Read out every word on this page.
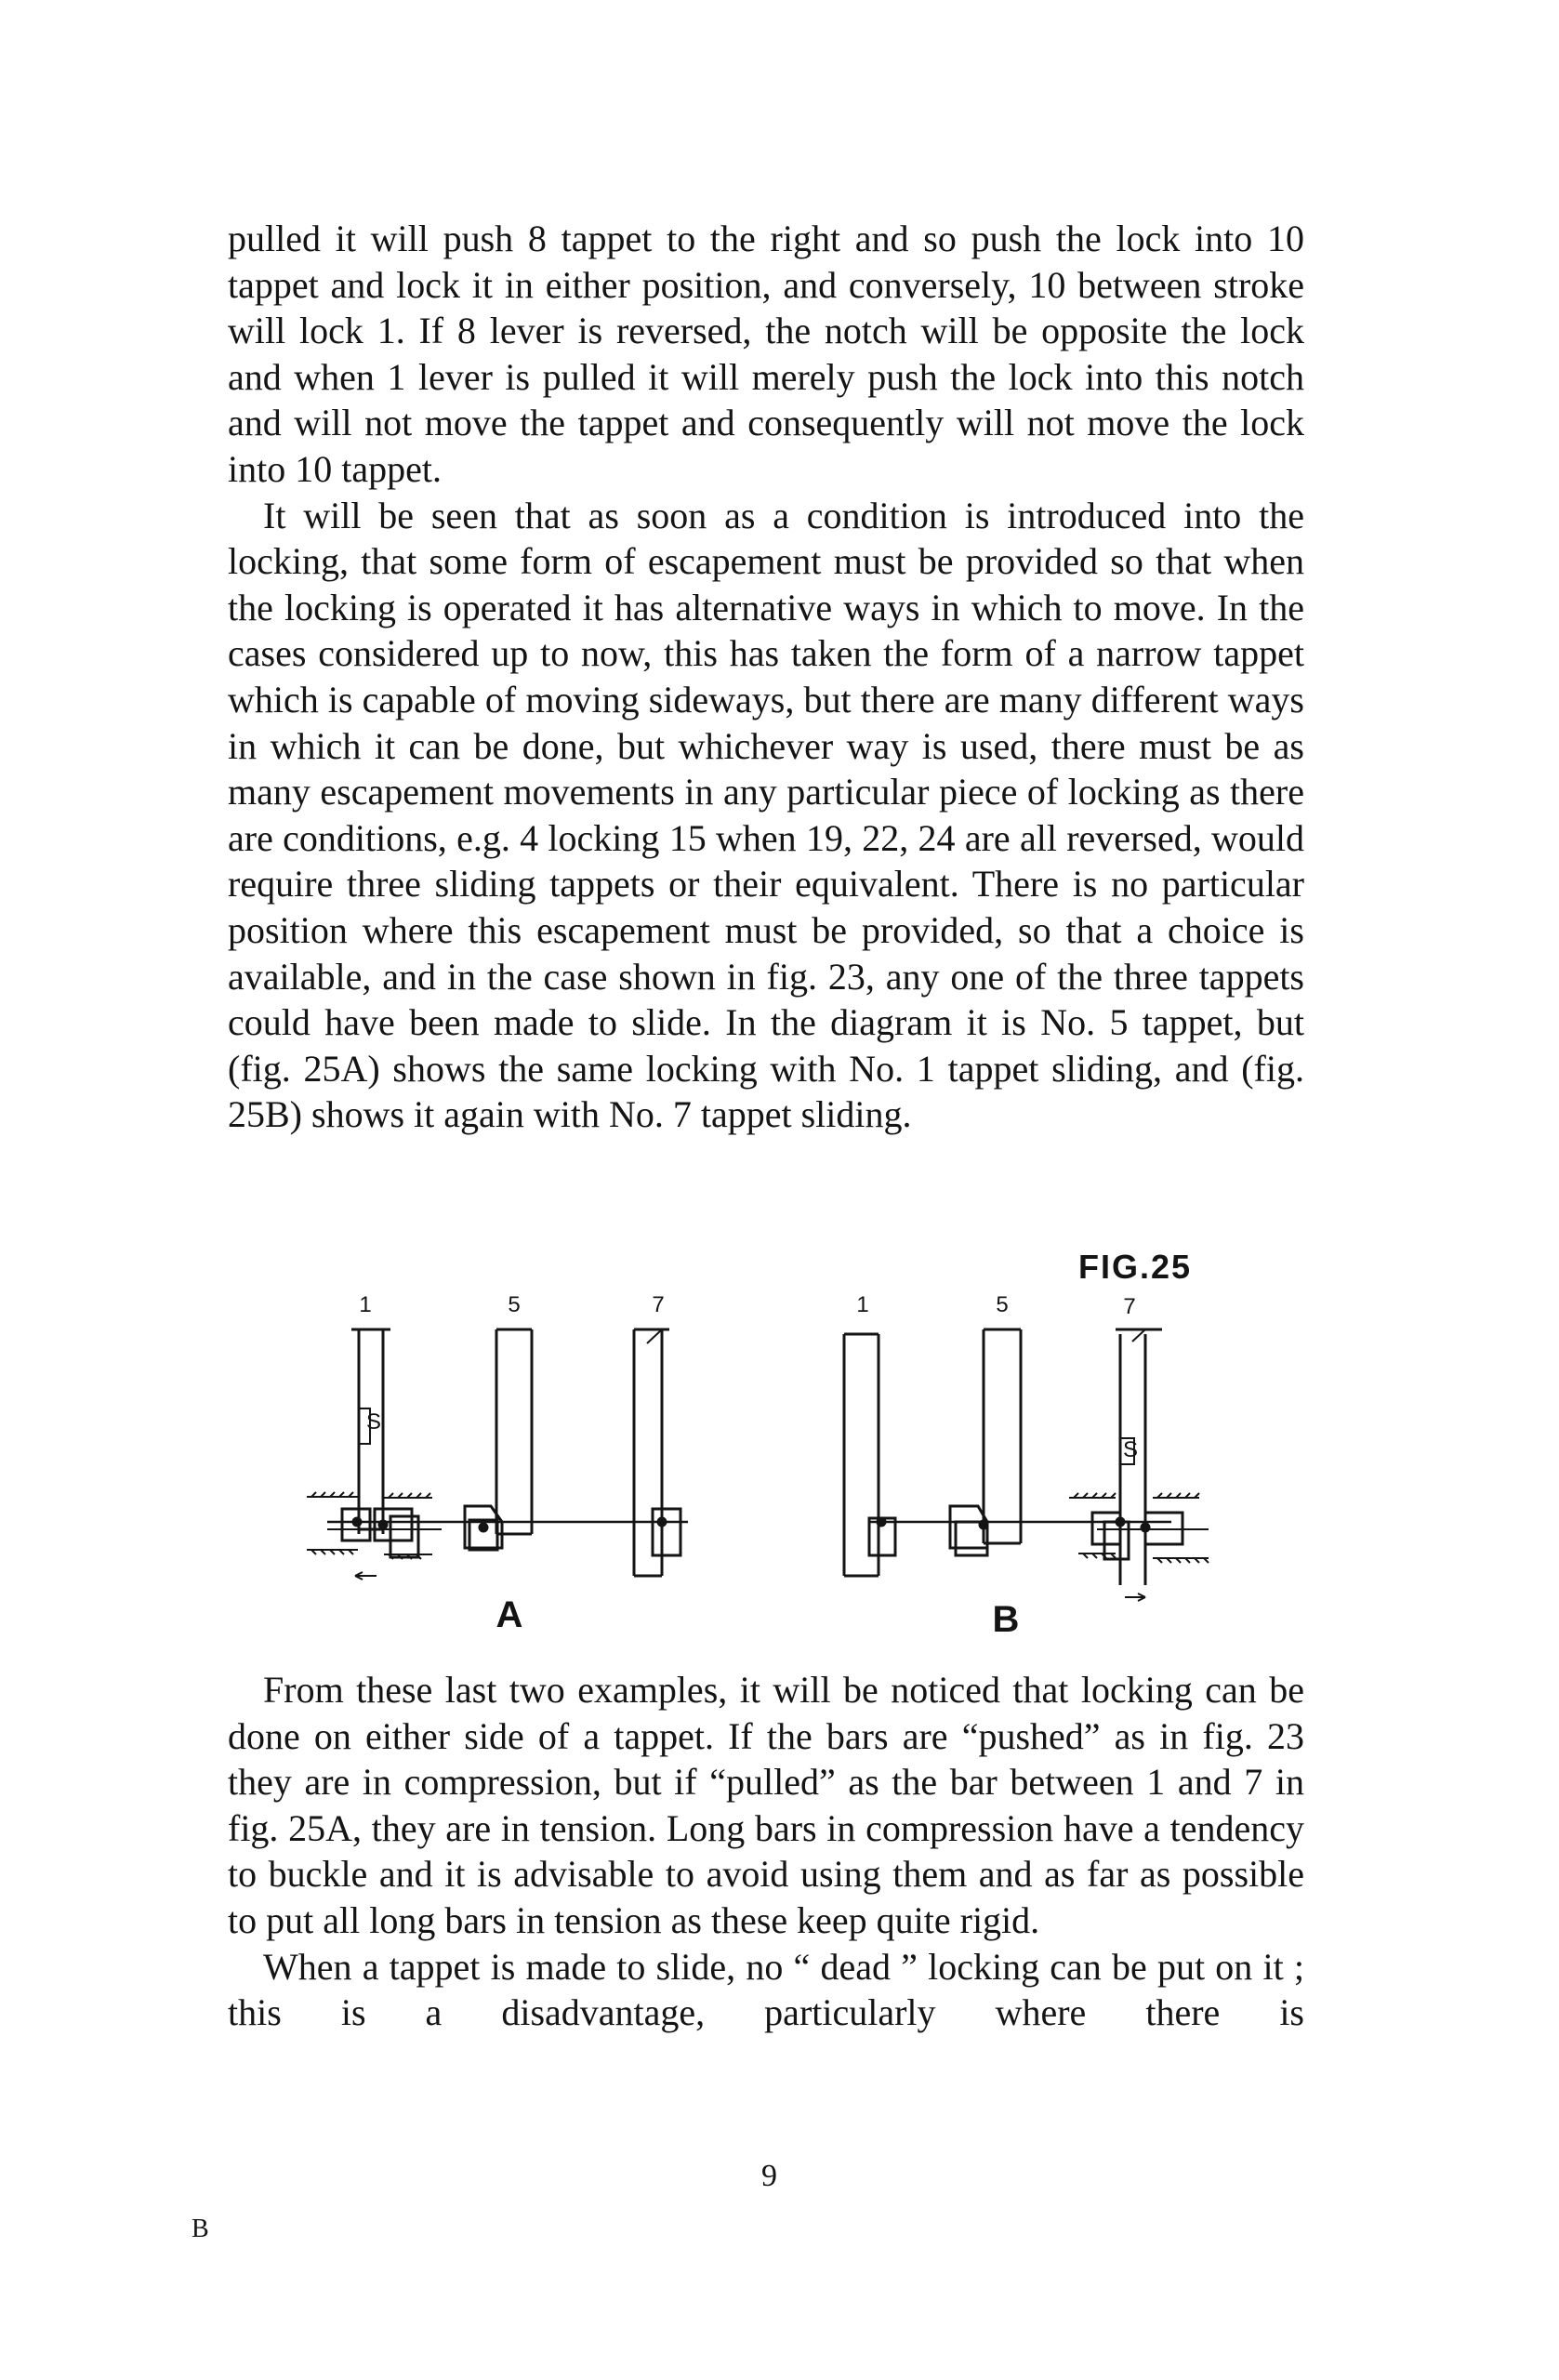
pulled it will push 8 tappet to the right and so push the lock into 10 tappet and lock it in either position, and conversely, 10 between stroke will lock 1. If 8 lever is reversed, the notch will be opposite the lock and when 1 lever is pulled it will merely push the lock into this notch and will not move the tappet and consequently will not move the lock into 10 tappet.

It will be seen that as soon as a condition is introduced into the locking, that some form of escapement must be provided so that when the locking is operated it has alternative ways in which to move. In the cases considered up to now, this has taken the form of a narrow tappet which is capable of moving sideways, but there are many different ways in which it can be done, but whichever way is used, there must be as many escapement movements in any particular piece of locking as there are conditions, e.g. 4 locking 15 when 19, 22, 24 are all reversed, would require three sliding tappets or their equivalent. There is no particular position where this escapement must be provided, so that a choice is available, and in the case shown in fig. 23, any one of the three tappets could have been made to slide. In the diagram it is No. 5 tappet, but (fig. 25A) shows the same locking with No. 1 tappet sliding, and (fig. 25B) shows it again with No. 7 tappet sliding.

FIG.25
1	5	7
S
A
1	5	7
S
B

From these last two examples, it will be noticed that locking can be done on either side of a tappet. If the bars are “pushed” as in fig. 23 they are in compression, but if “pulled” as the bar between 1 and 7 in fig. 25A, they are in tension. Long bars in compression have a tendency to buckle and it is advisable to avoid using them and as far as possible to put all long bars in tension as these keep quite rigid.

When a tappet is made to slide, no “ dead ” locking can be put on it ; this is a disadvantage, particularly where there is

9
B
